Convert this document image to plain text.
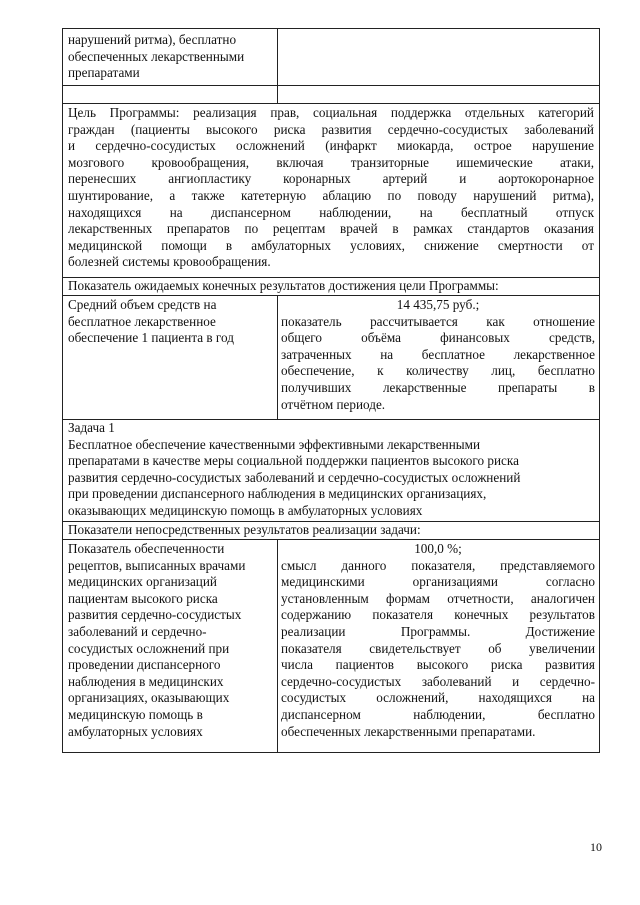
нарушений ритма), бесплатно
обеспеченных лекарственными
препаратами
Цель Программы: реализация прав, социальная поддержка отдельных категорий
граждан (пациенты высокого риска развития сердечно-сосудистых заболеваний
и сердечно-сосудистых осложнений (инфаркт миокарда, острое нарушение
мозгового кровообращения, включая транзиторные ишемические атаки,
перенесших ангиопластику коронарных артерий и аортокоронарное
шунтирование, а также катетерную аблацию по поводу нарушений ритма),
находящихся на диспансерном наблюдении, на бесплатный отпуск
лекарственных препаратов по рецептам врачей в рамках стандартов оказания
медицинской помощи в амбулаторных условиях, снижение смертности от
болезней системы кровообращения.
Показатель ожидаемых конечных результатов достижения цели Программы:
Средний объем средств на
бесплатное лекарственное
обеспечение 1 пациента в год
14 435,75 руб.;
показатель рассчитывается как отношение
общего объёма финансовых средств,
затраченных на бесплатное лекарственное
обеспечение, к количеству лиц, бесплатно
получивших лекарственные препараты в
отчётном периоде.
Задача 1
Бесплатное обеспечение качественными эффективными лекарственными
препаратами в качестве меры социальной поддержки пациентов высокого риска
развития сердечно-сосудистых заболеваний и сердечно-сосудистых осложнений
при проведении диспансерного наблюдения в медицинских организациях,
оказывающих медицинскую помощь в амбулаторных условиях
Показатели непосредственных результатов реализации задачи:
Показатель обеспеченности
рецептов, выписанных врачами
медицинских организаций
пациентам высокого риска
развития сердечно-сосудистых
заболеваний и сердечно-
сосудистых осложнений при
проведении диспансерного
наблюдения в медицинских
организациях, оказывающих
медицинскую помощь в
амбулаторных условиях
100,0 %;
смысл данного показателя, представляемого
медицинскими организациями согласно
установленным формам отчетности, аналогичен
содержанию показателя конечных результатов
реализации Программы. Достижение
показателя свидетельствует об увеличении
числа пациентов высокого риска развития
сердечно-сосудистых заболеваний и сердечно-
сосудистых осложнений, находящихся на
диспансерном наблюдении, бесплатно
обеспеченных лекарственными препаратами.
10
